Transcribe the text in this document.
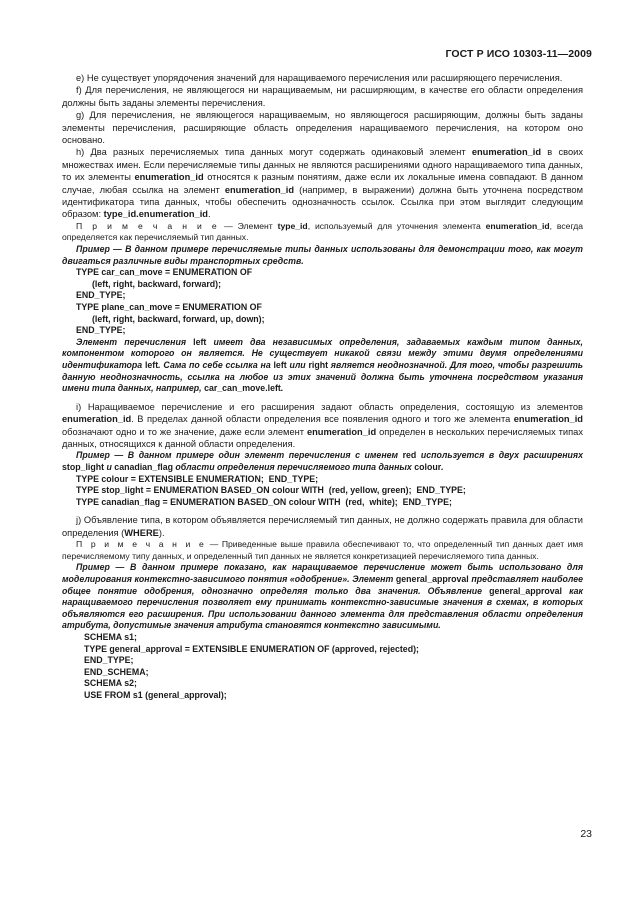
ГОСТ Р ИСО 10303-11—2009

е) Не существует упорядочения значений для наращиваемого перечисления или расширяющего перечисления.

f) Для перечисления, не являющегося ни наращиваемым, ни расширяющим, в качестве его области определения должны быть заданы элементы перечисления.

g) Для перечисления, не являющегося наращиваемым, но являющегося расширяющим, должны быть заданы элементы перечисления, расширяющие область определения наращиваемого перечисления, на котором оно основано.

h) Два разных перечисляемых типа данных могут содержать одинаковый элемент enumeration_id в своих множествах имен. Если перечисляемые типы данных не являются расширениями одного наращиваемого типа данных, то их элементы enumeration_id относятся к разным понятиям, даже если их локальные имена совпадают. В данном случае, любая ссылка на элемент enumeration_id (например, в выражении) должна быть уточнена посредством идентификатора типа данных, чтобы обеспечить однозначность ссылок. Ссылка при этом выглядит следующим образом: type_id.enumeration_id.

П р и м е ч а н и е — Элемент type_id, используемый для уточнения элемента enumeration_id, всегда определяется как перечисляемый тип данных.

Пример — В данном примере перечисляемые типы данных использованы для демонстрации того, как могут двигаться различные виды транспортных средств.

TYPE car_can_move = ENUMERATION OF

(left, right, backward, forward);

END_TYPE;

TYPE plane_can_move = ENUMERATION OF

(left, right, backward, forward, up, down);

END_TYPE;

Элемент перечисления left имеет два независимых определения, задаваемых каждым типом данных, компонентом которого он является. Не существует никакой связи между этими двумя определениями идентификатора left. Сама по себе ссылка на left или right является неоднозначной. Для того, чтобы разрешить данную неоднозначность, ссылка на любое из этих значений должна быть уточнена посредством указания имени типа данных, например, car_can_move.left.

i) Наращиваемое перечисление и его расширения задают область определения, состоящую из элементов enumeration_id. В пределах данной области определения все появления одного и того же элемента enumeration_id обозначают одно и то же значение, даже если элемент enumeration_id определен в нескольких перечисляемых типах данных, относящихся к данной области определения.

Пример — В данном примере один элемент перечисления с именем red используется в двух расширениях stop_light и canadian_flag области определения перечисляемого типа данных colour.

TYPE colour = EXTENSIBLE ENUMERATION;  END_TYPE;

TYPE stop_light = ENUMERATION BASED_ON colour WITH  (red, yellow, green);  END_TYPE;

TYPE canadian_flag = ENUMERATION BASED_ON colour WITH  (red,  white);  END_TYPE;

j) Объявление типа, в котором объявляется перечисляемый тип данных, не должно содержать правила для области определения (WHERE).

П р и м е ч а н и е — Приведенные выше правила обеспечивают то, что определенный тип данных дает имя перечисляемому типу данных, и определенный тип данных не является конкретизацией перечисляемого типа данных.

Пример — В данном примере показано, как наращиваемое перечисление может быть использовано для моделирования контекстно-зависимого понятия «одобрение». Элемент general_approval представляет наиболее общее понятие одобрения, однозначно определяя только два значения. Объявление general_approval как наращиваемого перечисления позволяет ему принимать контекстно-зависимые значения в схемах, в которых объявляются его расширения. При использовании данного элемента для представления области определения атрибута, допустимые значения атрибута становятся контекстно зависимыми.

SCHEMA s1;

TYPE general_approval = EXTENSIBLE ENUMERATION OF (approved, rejected);

END_TYPE;

END_SCHEMA;

SCHEMA s2;

USE FROM s1 (general_approval);

23
